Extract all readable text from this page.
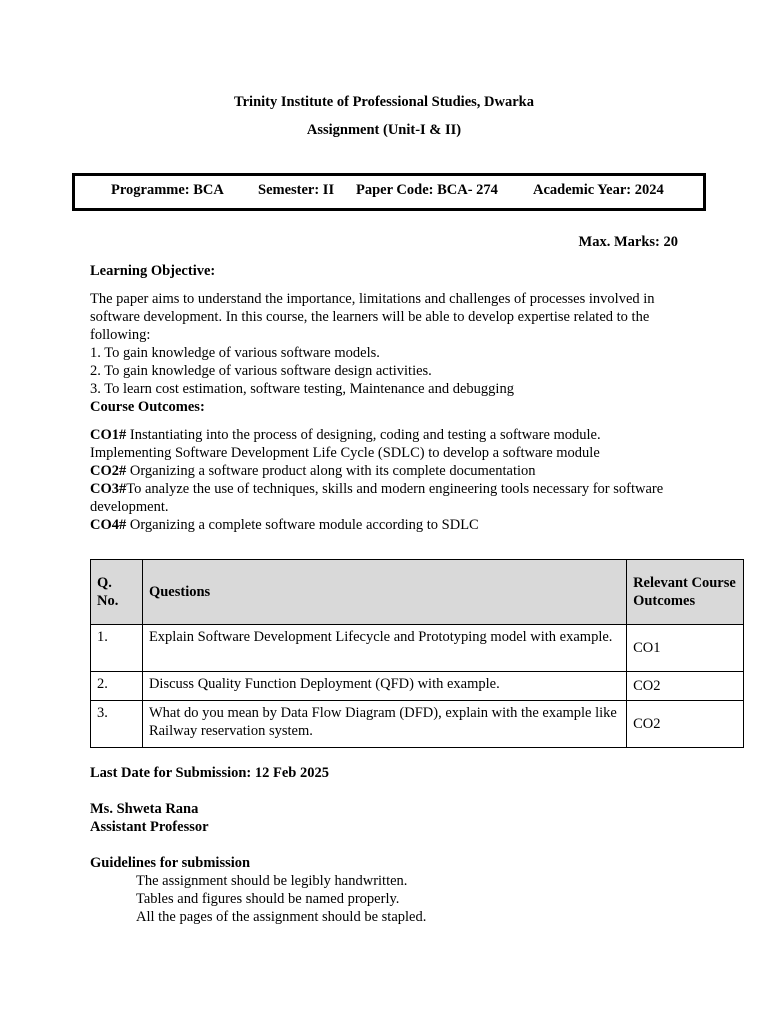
Trinity Institute of Professional Studies, Dwarka
Assignment (Unit-I & II)
Programme: BCA Semester: II Paper Code: BCA- 274 Academic Year: 2024
Max. Marks: 20
Learning Objective:
The paper aims to understand the importance, limitations and challenges of processes involved in software development. In this course, the learners will be able to develop expertise related to the following:
1. To gain knowledge of various software models.
2. To gain knowledge of various software design activities.
3. To learn cost estimation, software testing, Maintenance and debugging
Course Outcomes:
CO1# Instantiating into the process of designing, coding and testing a software module.
Implementing Software Development Life Cycle (SDLC) to develop a software module
CO2# Organizing a software product along with its complete documentation
CO3#To analyze the use of techniques, skills and modern engineering tools necessary for software development.
CO4# Organizing a complete software module according to SDLC
Q. No.	Questions	Relevant Course Outcomes
1.	Explain Software Development Lifecycle and Prototyping model with example.	CO1
2.	Discuss Quality Function Deployment (QFD) with example.	CO2
3.	What do you mean by Data Flow Diagram (DFD), explain with the example like Railway reservation system.	CO2
Last Date for Submission: 12 Feb 2025
Ms. Shweta Rana
Assistant Professor
Guidelines for submission
The assignment should be legibly handwritten.
Tables and figures should be named properly.
All the pages of the assignment should be stapled.
